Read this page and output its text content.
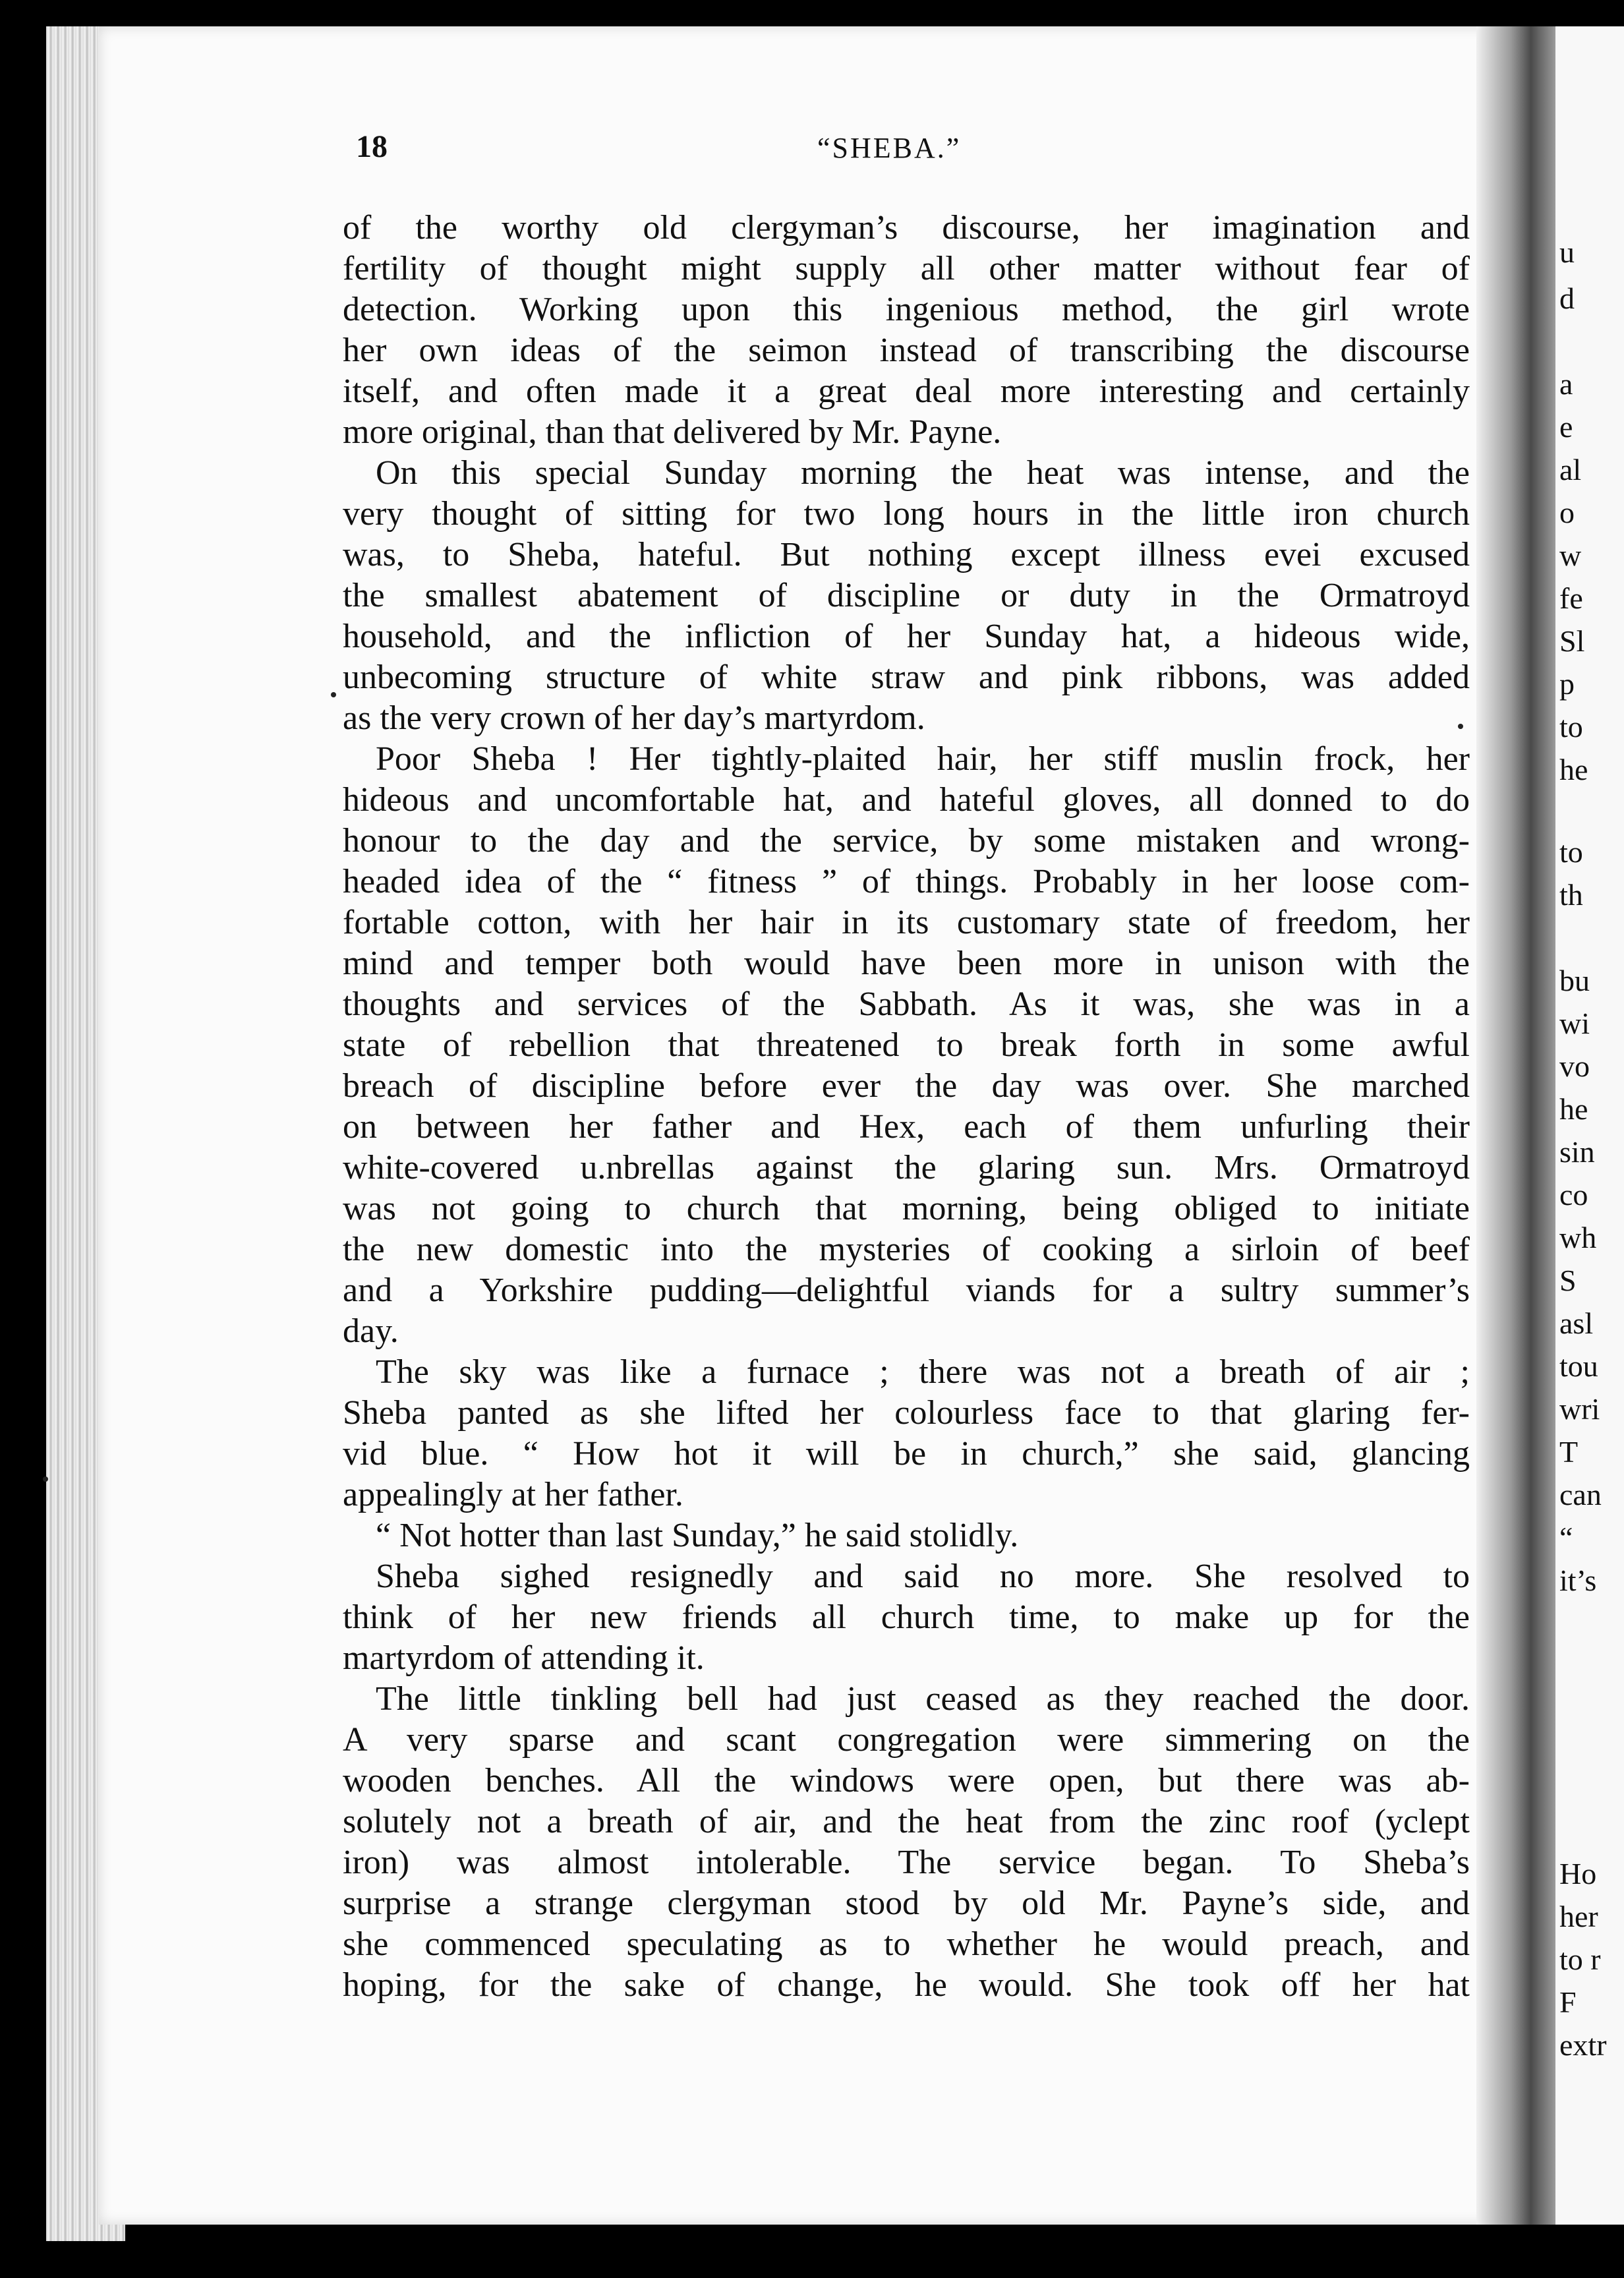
u
d
a
e
al
o
w
fe
Sl
p
to
he
to
th
bu
wi
vo
he
sin
co
wh
S
asl
tou
wri
T
can
“
it’s
Ho
her
to r
F
extr
18	“SHEBA.”
of the worthy old clergyman’s discourse, her imagination and
fertility of thought might supply all other matter without fear of
detection. Working upon this ingenious method, the girl wrote
her own ideas of the seimon instead of transcribing the discourse
itself, and often made it a great deal more interesting and certainly
more original, than that delivered by Mr. Payne.
On this special Sunday morning the heat was intense, and the
very thought of sitting for two long hours in the little iron church
was, to Sheba, hateful. But nothing except illness evei excused
the smallest abatement of discipline or duty in the Ormatroyd
household, and the infliction of her Sunday hat, a hideous wide,
unbecoming structure of white straw and pink ribbons, was added
as the very crown of her day’s martyrdom.
Poor Sheba ! Her tightly-plaited hair, her stiff muslin frock, her
hideous and uncomfortable hat, and hateful gloves, all donned to do
honour to the day and the service, by some mistaken and wrong-
headed idea of the “ fitness ” of things. Probably in her loose com-
fortable cotton, with her hair in its customary state of freedom, her
mind and temper both would have been more in unison with the
thoughts and services of the Sabbath. As it was, she was in a
state of rebellion that threatened to break forth in some awful
breach of discipline before ever the day was over. She marched
on between her father and Hex, each of them unfurling their
white-covered u.nbrellas against the glaring sun. Mrs. Ormatroyd
was not going to church that morning, being obliged to initiate
the new domestic into the mysteries of cooking a sirloin of beef
and a Yorkshire pudding—delightful viands for a sultry summer’s
day.
The sky was like a furnace ; there was not a breath of air ;
Sheba panted as she lifted her colourless face to that glaring fer-
vid blue. “ How hot it will be in church,” she said, glancing
appealingly at her father.
“ Not hotter than last Sunday,” he said stolidly.
Sheba sighed resignedly and said no more. She resolved to
think of her new friends all church time, to make up for the
martyrdom of attending it.
The little tinkling bell had just ceased as they reached the door.
A very sparse and scant congregation were simmering on the
wooden benches. All the windows were open, but there was ab-
solutely not a breath of air, and the heat from the zinc roof (yclept
iron) was almost intolerable. The service began. To Sheba’s
surprise a strange clergyman stood by old Mr. Payne’s side, and
she commenced speculating as to whether he would preach, and
hoping, for the sake of change, he would. She took off her hat
